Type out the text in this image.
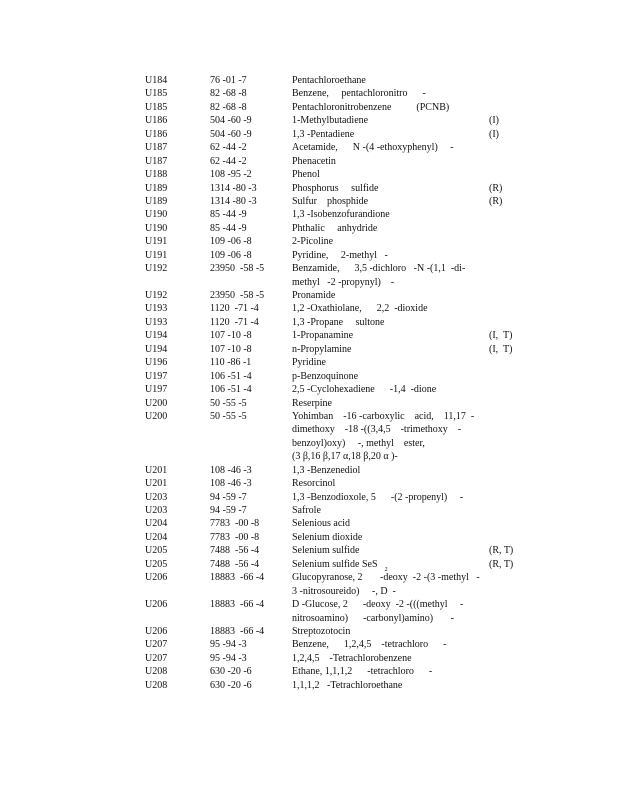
U184	76 -01 -7	Pentachloroethane
U185	82 -68 -8	Benzene,     pentachloronitro      -
U185	82 -68 -8	Pentachloronitrobenzene          (PCNB)
U186	504 -60 -9	1-Methylbutadiene	(I)
U186	504 -60 -9	1,3 -Pentadiene	(I)
U187	62 -44 -2	Acetamide,      N -(4 -ethoxyphenyl)     -
U187	62 -44 -2	Phenacetin
U188	108 -95 -2	Phenol
U189	1314 -80 -3	Phosphorus     sulfide	(R)
U189	1314 -80 -3	Sulfur    phosphide	(R)
U190	85 -44 -9	1,3 -Isobenzofurandione
U190	85 -44 -9	Phthalic     anhydride
U191	109 -06 -8	2-Picoline
U191	109 -06 -8	Pyridine,     2-methyl   -
U192	23950  -58 -5	Benzamide,      3,5 -dichloro   -N -(1,1  -di-
methyl   -2 -propynyl)    -
U192	23950  -58 -5	Pronamide
U193	1120  -71 -4	1,2 -Oxathiolane,      2,2  -dioxide
U193	1120  -71 -4	1,3 -Propane     sultone
U194	107 -10 -8	1-Propanamine	(I,  T)
U194	107 -10 -8	n-Propylamine	(I,  T)
U196	110 -86 -1	Pyridine
U197	106 -51 -4	p-Benzoquinone
U197	106 -51 -4	2,5 -Cyclohexadiene      -1,4  -dione
U200	50 -55 -5	Reserpine
U200	50 -55 -5	Yohimban    -16 -carboxylic    acid,    11,17  -
dimethoxy    -18 -((3,4,5    -trimethoxy    -
benzoyl)oxy)     -, methyl    ester,
(3 β,16 β,17 α,18 β,20 α )-
U201	108 -46 -3	1,3 -Benzenediol
U201	108 -46 -3	Resorcinol
U203	94 -59 -7	1,3 -Benzodioxole, 5      -(2 -propenyl)     -
U203	94 -59 -7	Safrole
U204	7783  -00 -8	Selenious acid
U204	7783  -00 -8	Selenium dioxide
U205	7488  -56 -4	Selenium sulfide	(R, T)
U205	7488  -56 -4	Selenium sulfide SeS $_2$	(R, T)
U206	18883  -66 -4	Glucopyranose, 2       -deoxy  -2 -(3 -methyl   -
3 -nitrosoureido)     -, D  -
U206	18883  -66 -4	D -Glucose, 2      -deoxy  -2 -(((methyl     -
nitrosoamino)      -carbonyl)amino)       -
U206	18883  -66 -4	Streptozotocin
U207	95 -94 -3	Benzene,      1,2,4,5    -tetrachloro      -
U207	95 -94 -3	1,2,4,5    -Tetrachlorobenzene
U208	630 -20 -6	Ethane, 1,1,1,2      -tetrachloro      -
U208	630 -20 -6	1,1,1,2   -Tetrachloroethane
